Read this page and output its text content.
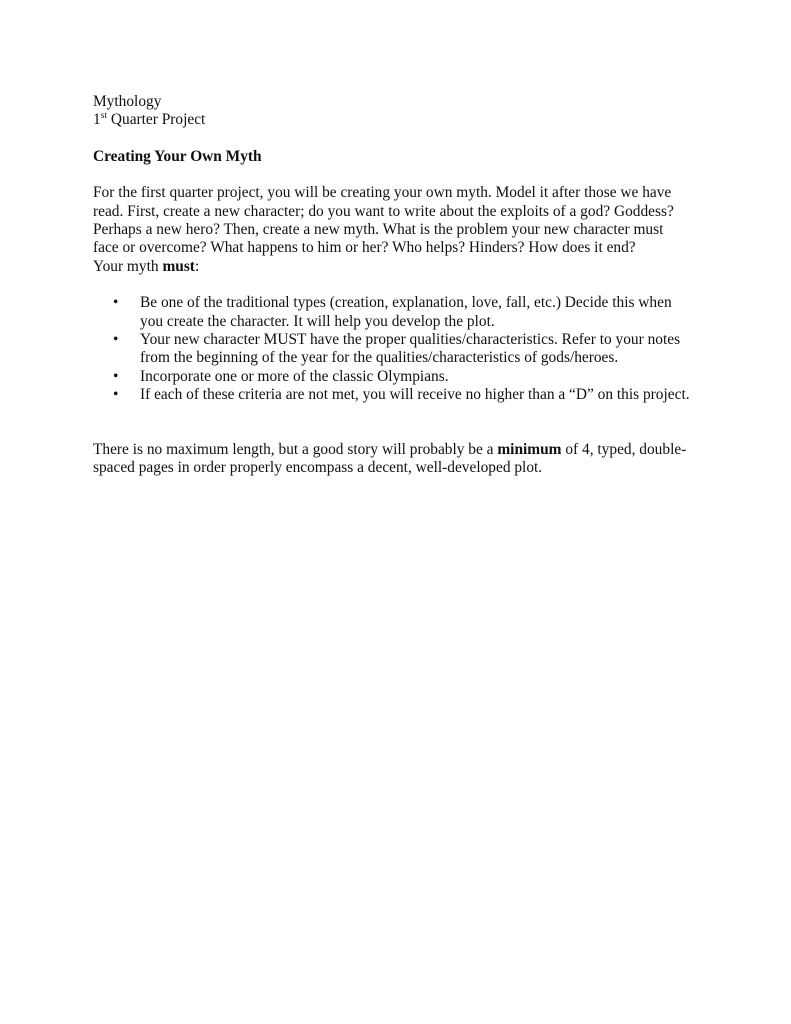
Mythology
1st Quarter Project
Creating Your Own Myth
For the first quarter project, you will be creating your own myth. Model it after those we have
read. First, create a new character; do you want to write about the exploits of a god? Goddess?
Perhaps a new hero? Then, create a new myth. What is the problem your new character must
face or overcome? What happens to him or her? Who helps? Hinders? How does it end?
Your myth must:
•	Be one of the traditional types (creation, explanation, love, fall, etc.) Decide this when
you create the character. It will help you develop the plot.
•	Your new character MUST have the proper qualities/characteristics. Refer to your notes
from the beginning of the year for the qualities/characteristics of gods/heroes.
•	Incorporate one or more of the classic Olympians.
•	If each of these criteria are not met, you will receive no higher than a “D” on this project.
There is no maximum length, but a good story will probably be a minimum of 4, typed, double-
spaced pages in order properly encompass a decent, well-developed plot.
